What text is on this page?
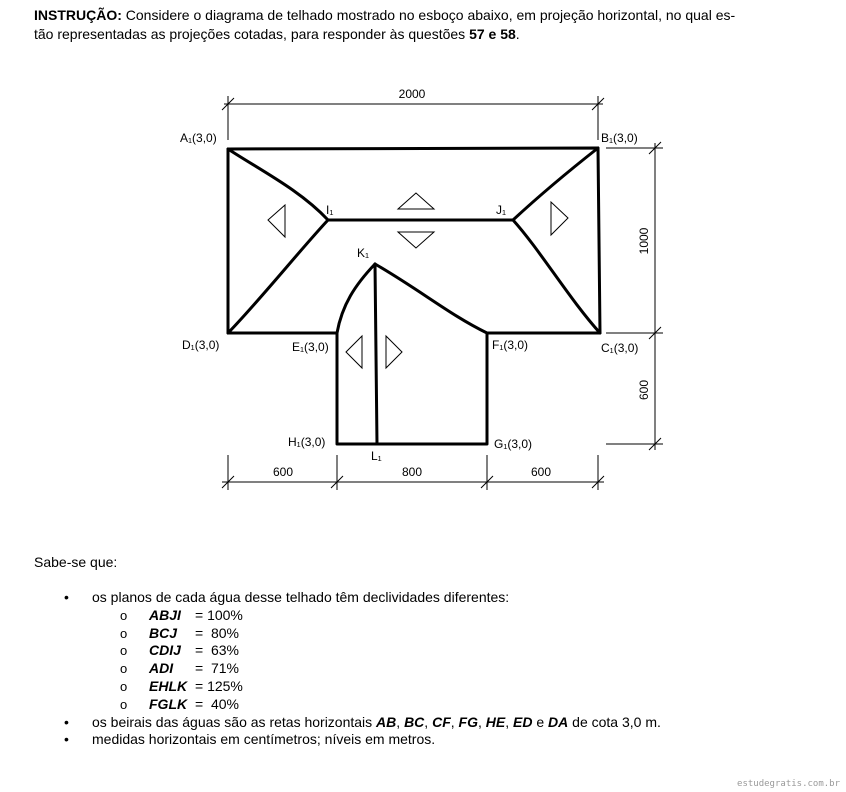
INSTRUÇÃO: Considere o diagrama de telhado mostrado no esboço abaixo, em projeção horizontal, no qual es-
tão representadas as projeções cotadas, para responder às questões 57 e 58.
2000
1000
600
600	800	600
A₁(3,0)	B₁(3,0)
C₁(3,0)
D₁(3,0)	E₁(3,0)	F₁(3,0)
G₁(3,0)
H₁(3,0)
I₁	J₁
K₁
L₁
Sabe-se que:
• os planos de cada água desse telhado têm declividades diferentes:
o ABJI = 100%
o BCJ =  80%
o CDIJ =  63%
o ADI =  71%
o EHLK = 125%
o FGLK =  40%
• os beirais das águas são as retas horizontais AB, BC, CF, FG, HE, ED e DA de cota 3,0 m.
• medidas horizontais em centímetros; níveis em metros.
estudegratis.com.br
